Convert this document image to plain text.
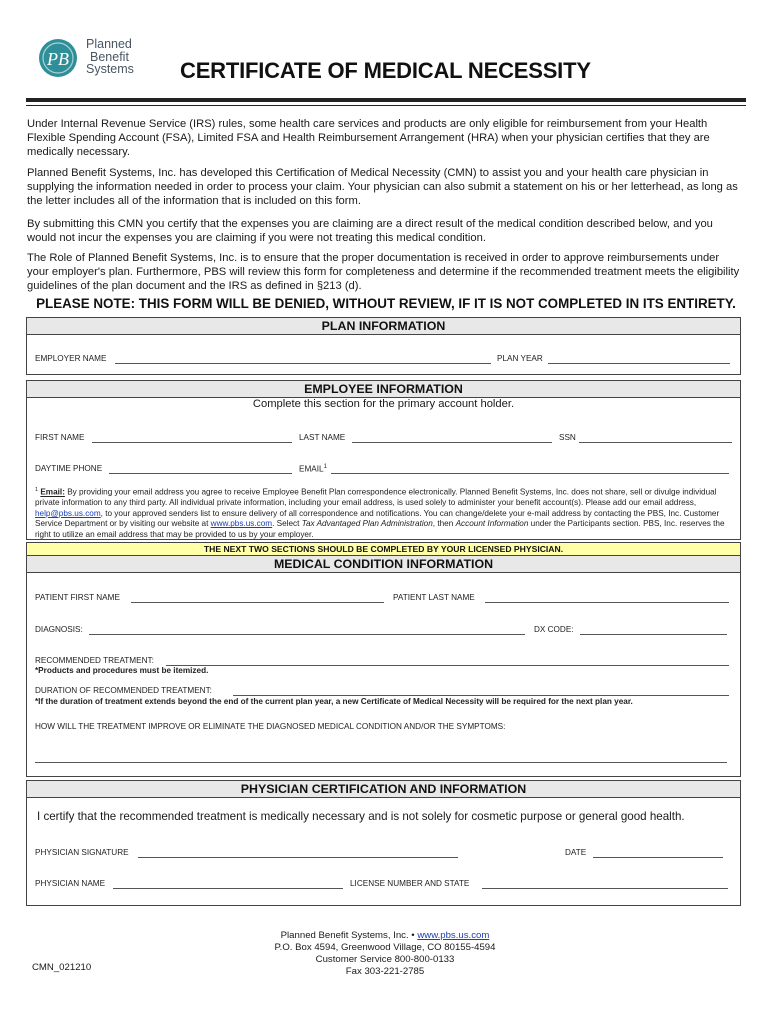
PB
Planned
Benefit
Systems CERTIFICATE OF MEDICAL NECESSITY
Under Internal Revenue Service (IRS) rules, some health care services and products are only eligible for reimbursement from your Health Flexible Spending Account (FSA), Limited FSA and Health Reimbursement Arrangement (HRA) when your physician certifies that they are medically necessary.
Planned Benefit Systems, Inc. has developed this Certification of Medical Necessity (CMN) to assist you and your health care physician in supplying the information needed in order to process your claim. Your physician can also submit a statement on his or her letterhead, as long as the letter includes all of the information that is included on this form.
By submitting this CMN you certify that the expenses you are claiming are a direct result of the medical condition described below, and you would not incur the expenses you are claiming if you were not treating this medical condition.
The Role of Planned Benefit Systems, Inc. is to ensure that the proper documentation is received in order to approve reimbursements under your employer's plan. Furthermore, PBS will review this form for completeness and determine if the recommended treatment meets the eligibility guidelines of the plan document and the IRS as defined in §213 (d).
PLEASE NOTE: THIS FORM WILL BE DENIED, WITHOUT REVIEW, IF IT IS NOT COMPLETED IN ITS ENTIRETY.
PLAN INFORMATION
EMPLOYER NAME	PLAN YEAR
EMPLOYEE INFORMATION
Complete this section for the primary account holder.
FIRST NAME	LAST NAME	SSN
DAYTIME PHONE	EMAIL$^1$
$^1$ Email: By providing your email address you agree to receive Employee Benefit Plan correspondence electronically. Planned Benefit Systems, Inc. does not share, sell or divulge individual private information to any third party. All individual private information, including your email address, is used solely to administer your benefit account(s). Please add our email address, help@pbs.us.com, to your approved senders list to ensure delivery of all correspondence and notifications. You can change/delete your e-mail address by contacting the PBS, Inc. Customer Service Department or by visiting our website at www.pbs.us.com. Select Tax Advantaged Plan Administration, then Account Information under the Participants section. PBS, Inc. reserves the right to utilize an email address that may be provided to us by your employer.
THE NEXT TWO SECTIONS SHOULD BE COMPLETED BY YOUR LICENSED PHYSICIAN.
MEDICAL CONDITION INFORMATION
PATIENT FIRST NAME	PATIENT LAST NAME
DIAGNOSIS:	DX CODE:
RECOMMENDED TREATMENT:
*Products and procedures must be itemized.
DURATION OF RECOMMENDED TREATMENT:
*If the duration of treatment extends beyond the end of the current plan year, a new Certificate of Medical Necessity will be required for the next plan year.
HOW WILL THE TREATMENT IMPROVE OR ELIMINATE THE DIAGNOSED MEDICAL CONDITION AND/OR THE SYMPTOMS:
PHYSICIAN CERTIFICATION AND INFORMATION
I certify that the recommended treatment is medically necessary and is not solely for cosmetic purpose or general good health.
PHYSICIAN SIGNATURE	DATE
PHYSICIAN NAME	LICENSE NUMBER AND STATE
Planned Benefit Systems, Inc. • www.pbs.us.com
P.O. Box 4594, Greenwood Village, CO 80155-4594
Customer Service 800-800-0133
Fax 303-221-2785
CMN_021210
